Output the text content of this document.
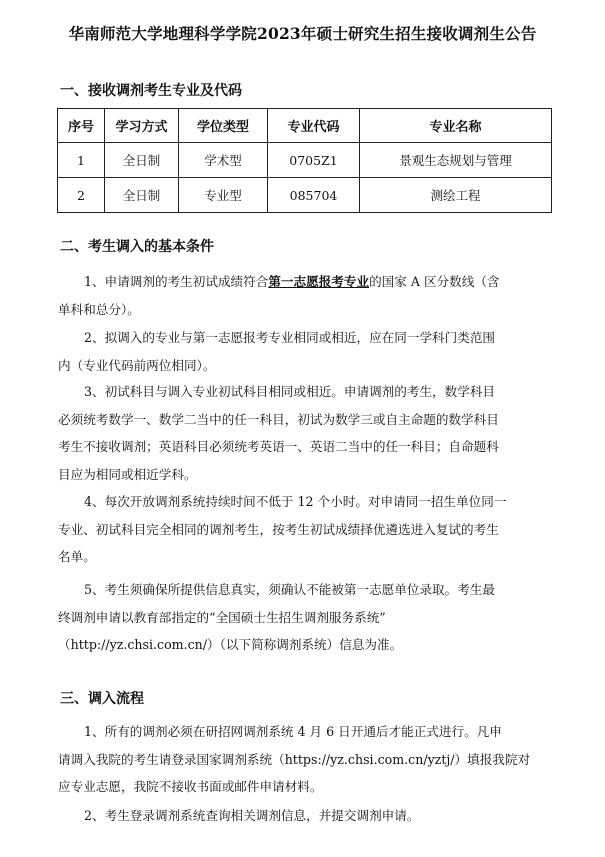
华南师范大学地理科学学院2023年硕士研究生招生接收调剂生公告
一、接收调剂考生专业及代码
序号	学习方式	学位类型	专业代码	专业名称
1	全日制	学术型	0705Z1	景观生态规划与管理
2	全日制	专业型	085704	测绘工程
二、考生调入的基本条件
1、申请调剂的考生初试成绩符合第一志愿报考专业的国家 A 区分数线（含
单科和总分）。
2、拟调入的专业与第一志愿报考专业相同或相近，应在同一学科门类范围
内（专业代码前两位相同）。
3、初试科目与调入专业初试科目相同或相近。申请调剂的考生，数学科目
必须统考数学一、数学二当中的任一科目，初试为数学三或自主命题的数学科目
考生不接收调剂；英语科目必须统考英语一、英语二当中的任一科目；自命题科
目应为相同或相近学科。
4、每次开放调剂系统持续时间不低于 12 个小时。对申请同一招生单位同一
专业、初试科目完全相同的调剂考生，按考生初试成绩择优遴选进入复试的考生
名单。
5、考生须确保所提供信息真实，须确认不能被第一志愿单位录取。考生最
终调剂申请以教育部指定的“全国硕士生招生调剂服务系统”
（http://yz.chsi.com.cn/）（以下简称调剂系统）信息为准。
三、调入流程
1、所有的调剂必须在研招网调剂系统 4 月 6 日开通后才能正式进行。凡申
请调入我院的考生请登录国家调剂系统（https://yz.chsi.com.cn/yztj/）填报我院对
应专业志愿，我院不接收书面或邮件申请材料。
2、考生登录调剂系统查询相关调剂信息，并提交调剂申请。
